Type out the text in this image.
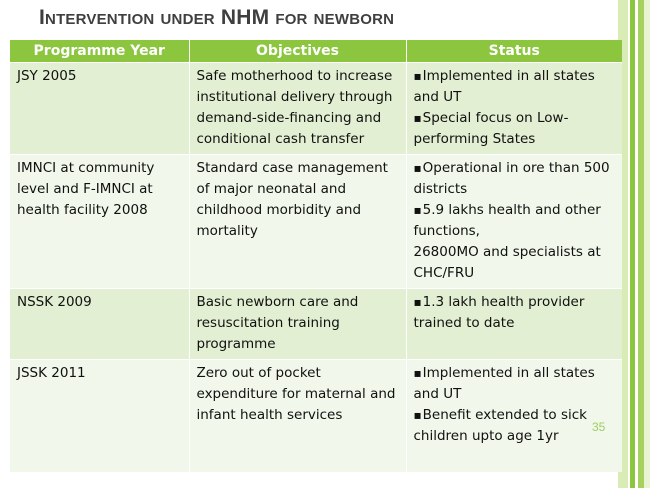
Intervention under NHM for newborn
Programme Year	Objectives	Status
JSY 2005	Safe motherhood to increase institutional delivery through demand-side-financing and conditional cash transfer	▪ Implemented in all states and UT
▪ Special focus on Low-performing States

IMNCI at community level and F-IMNCI at health facility 2008	Standard case management of major neonatal and childhood morbidity and mortality	▪ Operational in ore than 500 districts
▪ 5.9 lakhs health and other functions,
26800MO and specialists at CHC/FRU

NSSK 2009	Basic newborn care and resuscitation training programme	▪ 1.3 lakh health provider trained to date

JSSK 2011	Zero out of pocket expenditure for maternal and infant health services	▪ Implemented in all states and UT
▪ Benefit extended to sick children upto age 1yr
35
